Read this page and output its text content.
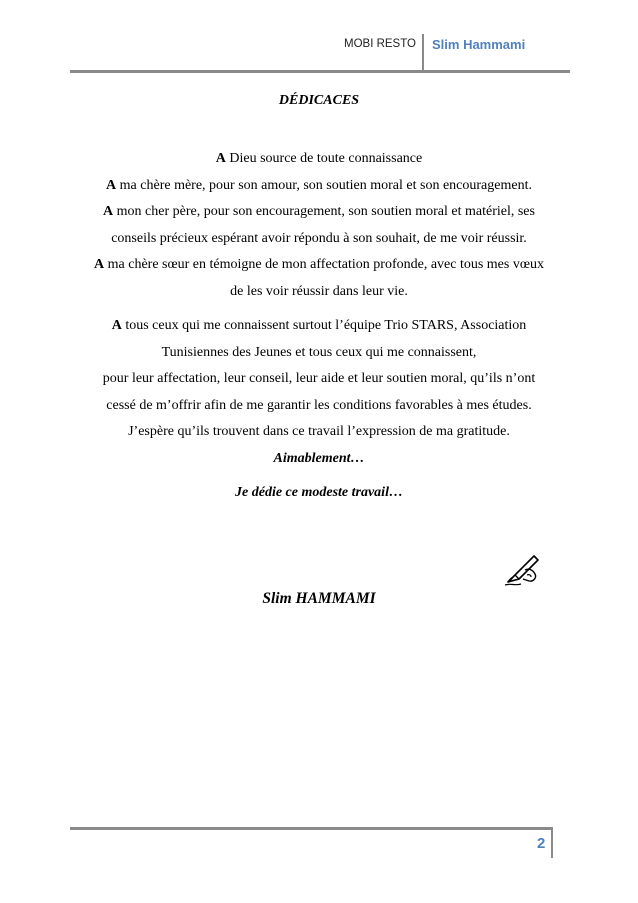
MOBI RESTO Slim Hammami

DÉDICACES

A Dieu source de toute connaissance
A ma chère mère, pour son amour, son soutien moral et son encouragement.
A mon cher père, pour son encouragement, son soutien moral et matériel, ses
conseils précieux espérant avoir répondu à son souhait, de me voir réussir.
A ma chère sœur en témoigne de mon affectation profonde, avec tous mes vœux
de les voir réussir dans leur vie.

A tous ceux qui me connaissent surtout l’équipe Trio STARS, Association
Tunisiennes des Jeunes et tous ceux qui me connaissent,
pour leur affectation, leur conseil, leur aide et leur soutien moral, qu’ils n’ont
cessé de m’offrir afin de me garantir les conditions favorables à mes études.
J’espère qu’ils trouvent dans ce travail l’expression de ma gratitude.

Aimablement…

Je dédie ce modeste travail…

Slim HAMMAMI
2
